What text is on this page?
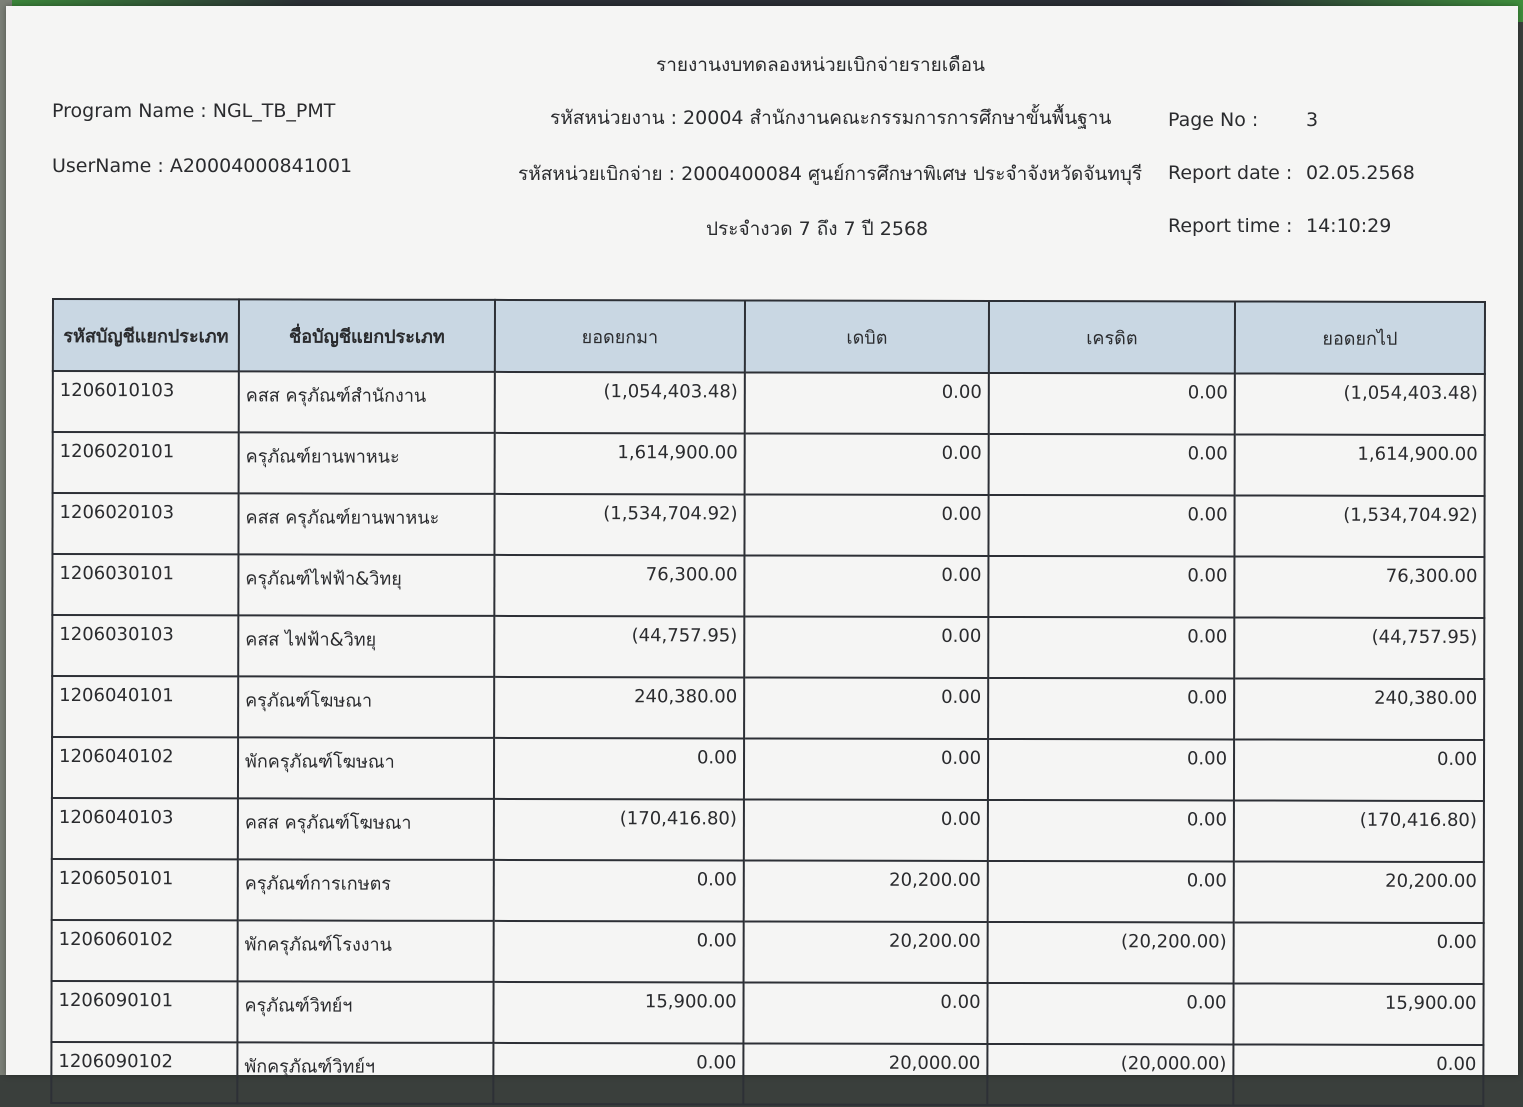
รายงานงบทดลองหน่วยเบิกจ่ายรายเดือน
Program Name : NGL_TB_PMT
UserName : A20004000841001
รหัสหน่วยงาน : 20004 สำนักงานคณะกรรมการการศึกษาขั้นพื้นฐาน
รหัสหน่วยเบิกจ่าย : 2000400084 ศูนย์การศึกษาพิเศษ ประจำจังหวัดจันทบุรี
ประจำงวด 7 ถึง 7 ปี 2568
Page No :	3
Report date : 02.05.2568
Report time : 14:10:29
รหัสบัญชีแยกประเภท	ชื่อบัญชีแยกประเภท	ยอดยกมา	เดบิต	เครดิต	ยอดยกไป
1206010103	คสส ครุภัณฑ์สำนักงาน	(1,054,403.48)	0.00	0.00	(1,054,403.48)
1206020101	ครุภัณฑ์ยานพาหนะ	1,614,900.00	0.00	0.00	1,614,900.00
1206020103	คสส ครุภัณฑ์ยานพาหนะ	(1,534,704.92)	0.00	0.00	(1,534,704.92)
1206030101	ครุภัณฑ์ไฟฟ้า&วิทยุ	76,300.00	0.00	0.00	76,300.00
1206030103	คสส ไฟฟ้า&วิทยุ	(44,757.95)	0.00	0.00	(44,757.95)
1206040101	ครุภัณฑ์โฆษณา	240,380.00	0.00	0.00	240,380.00
1206040102	พักครุภัณฑ์โฆษณา	0.00	0.00	0.00	0.00
1206040103	คสส ครุภัณฑ์โฆษณา	(170,416.80)	0.00	0.00	(170,416.80)
1206050101	ครุภัณฑ์การเกษตร	0.00	20,200.00	0.00	20,200.00
1206060102	พักครุภัณฑ์โรงงาน	0.00	20,200.00	(20,200.00)	0.00
1206090101	ครุภัณฑ์วิทย์ฯ	15,900.00	0.00	0.00	15,900.00
1206090102	พักครุภัณฑ์วิทย์ฯ	0.00	20,000.00	(20,000.00)	0.00
